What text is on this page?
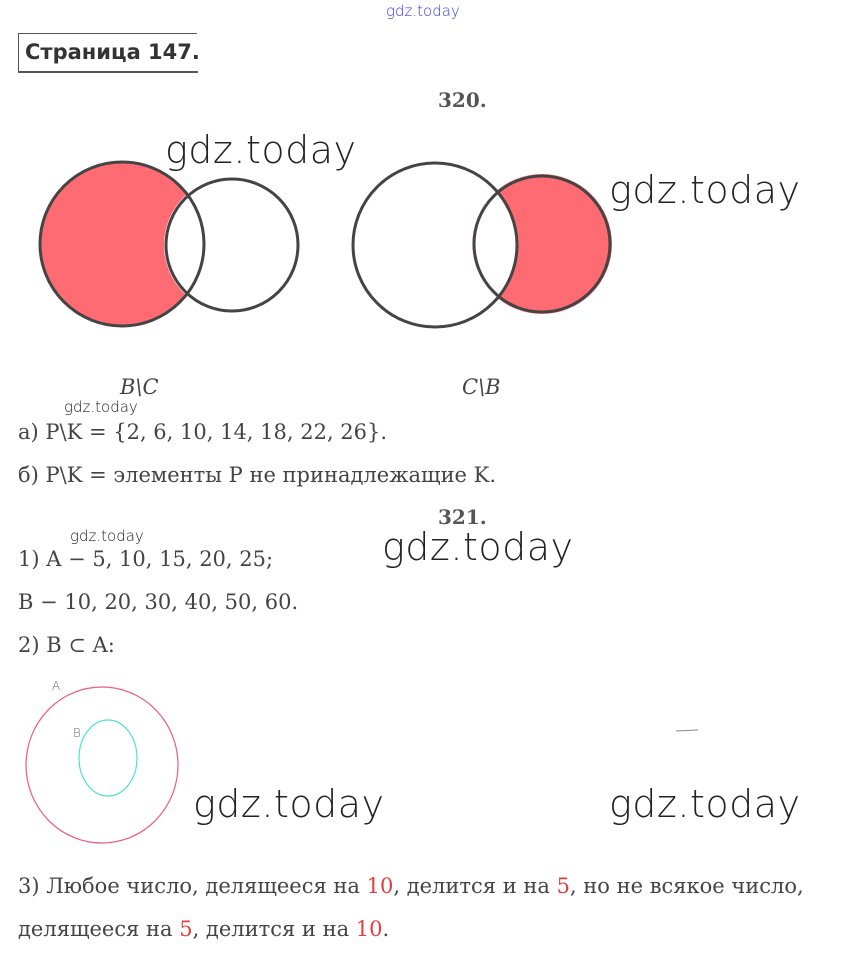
gdz.today
Страница 147.
320.
gdz.today
gdz.today
B\C	C\B
gdz.today
а) P\K = {2, 6, 10, 14, 18, 22, 26}.
б) P\K = элементы P не принадлежащие K.
321.
gdz.today	gdz.today
1) A − 5, 10, 15, 20, 25;
B − 10, 20, 30, 40, 50, 60.
2) B ⊂ A:
A
B
gdz.today	gdz.today
3) Любое число, делящееся на 10, делится и на 5, но не всякое число,
делящееся на 5, делится и на 10.
